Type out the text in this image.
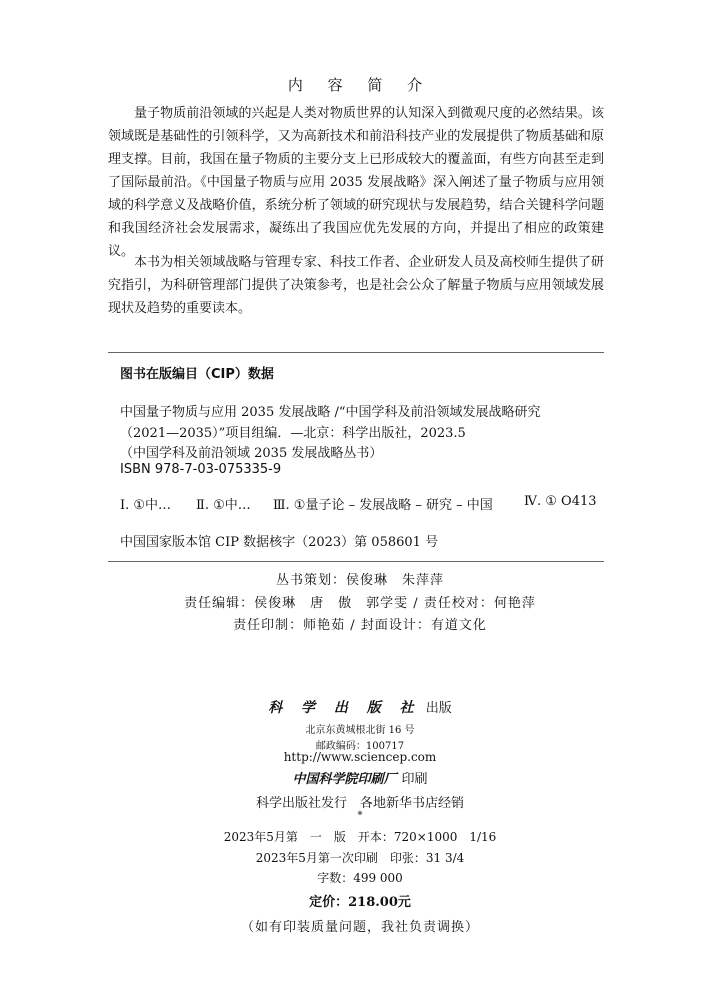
内 容 简 介
量子物质前沿领域的兴起是人类对物质世界的认知深入到微观尺度的必然结果。该领域既是基础性的引领科学，又为高新技术和前沿科技产业的发展提供了物质基础和原理支撑。目前，我国在量子物质的主要分支上已形成较大的覆盖面，有些方向甚至走到了国际最前沿。《中国量子物质与应用 2035 发展战略》深入阐述了量子物质与应用领域的科学意义及战略价值，系统分析了领域的研究现状与发展趋势，结合关键科学问题和我国经济社会发展需求，凝练出了我国应优先发展的方向，并提出了相应的政策建议。
本书为相关领域战略与管理专家、科技工作者、企业研发人员及高校师生提供了研究指引，为科研管理部门提供了决策参考，也是社会公众了解量子物质与应用领域发展现状及趋势的重要读本。
图书在版编目（CIP）数据
中国量子物质与应用 2035 发展战略 /“中国学科及前沿领域发展战略研究
（2021—2035）”项目组编．—北京：科学出版社，2023.5
（中国学科及前沿领域 2035 发展战略丛书）
ISBN 978-7-03-075335-9
Ⅰ. ①中… Ⅱ. ①中… Ⅲ. ①量子论 – 发展战略 – 研究 – 中国 Ⅳ. ① O413
中国国家版本馆 CIP 数据核字（2023）第 058601 号
丛书策划：侯俊琳　朱萍萍
责任编辑：侯俊琳　唐　傲　郭学雯 / 责任校对：何艳萍
责任印制：师艳茹 / 封面设计：有道文化
科 学 出 版 社 出版
北京东黄城根北街 16 号
邮政编码：100717
http://www.sciencep.com
中国科学院印刷厂 印刷
科学出版社发行　各地新华书店经销
*
2023年5月第　一　版　开本：720×1000　1/16
2023年5月第一次印刷　印张：31 3/4
字数：499 000
定价：218.00元
（如有印装质量问题，我社负责调换）
